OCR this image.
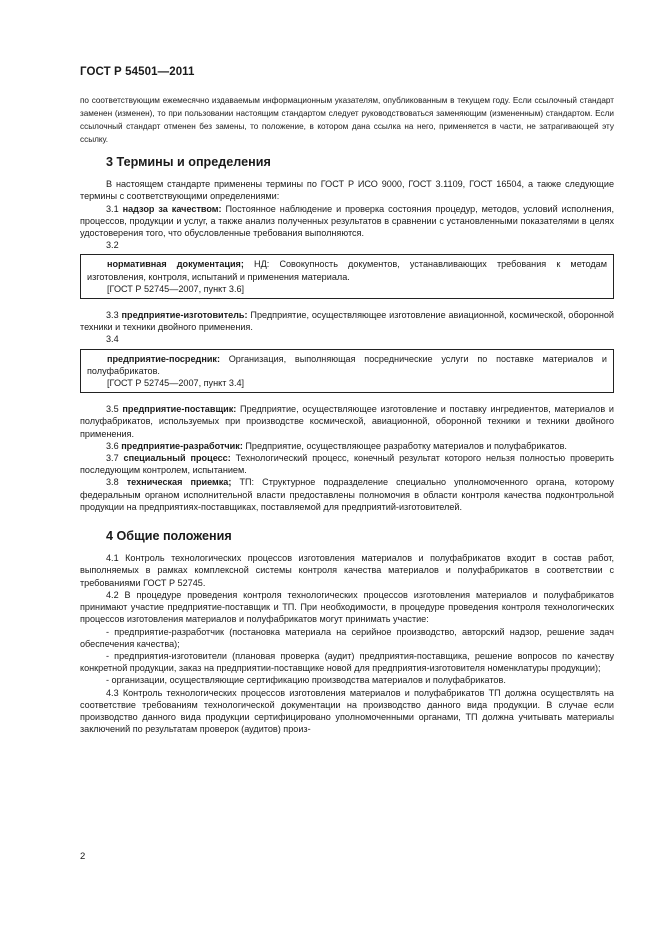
ГОСТ Р 54501—2011
по соответствующим ежемесячно издаваемым информационным указателям, опубликованным в текущем году. Если ссылочный стандарт заменен (изменен), то при пользовании настоящим стандартом следует руководствоваться заменяющим (измененным) стандартом. Если ссылочный стандарт отменен без замены, то положение, в котором дана ссылка на него, применяется в части, не затрагивающей эту ссылку.
3 Термины и определения

В настоящем стандарте применены термины по ГОСТ Р ИСО 9000, ГОСТ 3.1109, ГОСТ 16504, а также следующие термины с соответствующими определениями:

3.1 надзор за качеством: Постоянное наблюдение и проверка состояния процедур, методов, условий исполнения, процессов, продукции и услуг, а также анализ полученных результатов в сравнении с установленными показателями в целях удостоверения того, что обусловленные требования выполняются.

3.2

нормативная документация; НД: Совокупность документов, устанавливающих требования к методам изготовления, контроля, испытаний и применения материала.

[ГОСТ Р 52745—2007, пункт 3.6]

3.3 предприятие-изготовитель: Предприятие, осуществляющее изготовление авиационной, космической, оборонной техники и техники двойного применения.

3.4

предприятие-посредник: Организация, выполняющая посреднические услуги по поставке материалов и полуфабрикатов.

[ГОСТ Р 52745—2007, пункт 3.4]

3.5 предприятие-поставщик: Предприятие, осуществляющее изготовление и поставку ингредиентов, материалов и полуфабрикатов, используемых при производстве космической, авиационной, оборонной техники и техники двойного применения.

3.6 предприятие-разработчик: Предприятие, осуществляющее разработку материалов и полуфабрикатов.

3.7 специальный процесс: Технологический процесс, конечный результат которого нельзя полностью проверить последующим контролем, испытанием.

3.8 техническая приемка; ТП: Структурное подразделение специально уполномоченного органа, которому федеральным органом исполнительной власти предоставлены полномочия в области контроля качества подконтрольной продукции на предприятиях-поставщиках, поставляемой для предприятий-изготовителей.

4 Общие положения

4.1 Контроль технологических процессов изготовления материалов и полуфабрикатов входит в состав работ, выполняемых в рамках комплексной системы контроля качества материалов и полуфабрикатов в соответствии с требованиями ГОСТ Р 52745.

4.2 В процедуре проведения контроля технологических процессов изготовления материалов и полуфабрикатов принимают участие предприятие-поставщик и ТП. При необходимости, в процедуре проведения контроля технологических процессов изготовления материалов и полуфабрикатов могут принимать участие:

- предприятие-разработчик (постановка материала на серийное производство, авторский надзор, решение задач обеспечения качества);

- предприятия-изготовители (плановая проверка (аудит) предприятия-поставщика, решение вопросов по качеству конкретной продукции, заказ на предприятии-поставщике новой для предприятия-изготовителя номенклатуры продукции);

- организации, осуществляющие сертификацию производства материалов и полуфабрикатов.

4.3 Контроль технологических процессов изготовления материалов и полуфабрикатов ТП должна осуществлять на соответствие требованиям технологической документации на производство данного вида продукции. В случае если производство данного вида продукции сертифицировано уполномоченными органами, ТП должна учитывать материалы заключений по результатам проверок (аудитов) произ-

2
